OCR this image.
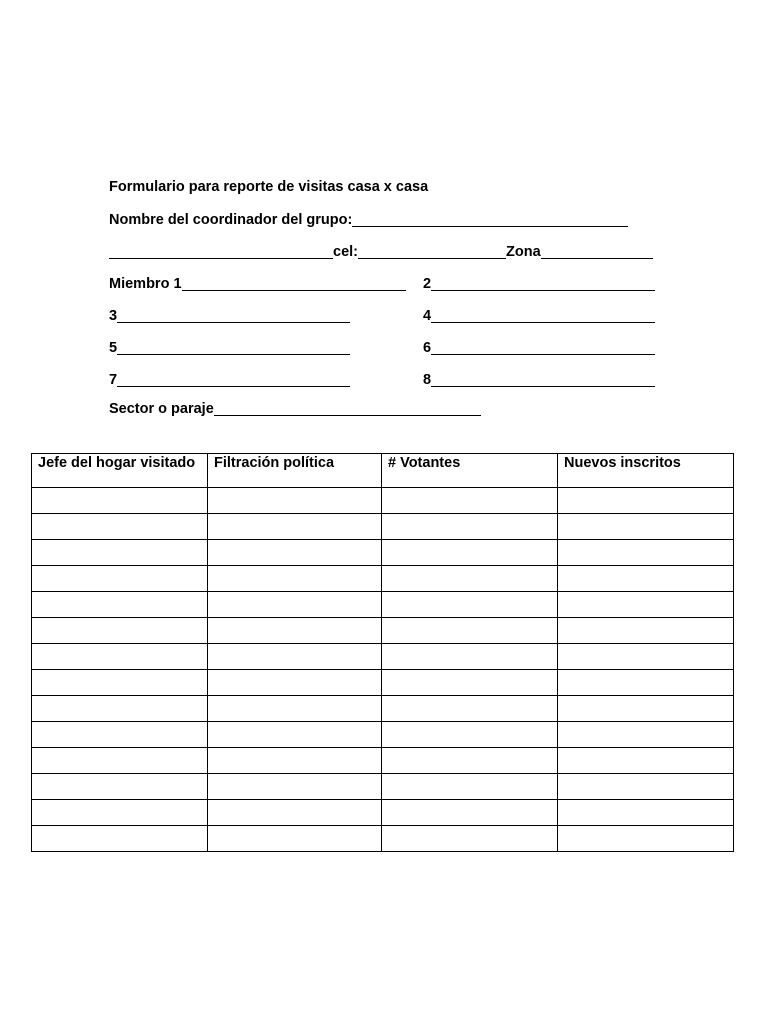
Formulario para reporte de visitas casa x casa
Nombre del coordinador del grupo:
cel:	Zona
Miembro 1	2
3	4
5	6
7	8
Sector o paraje
Jefe del hogar visitado	Filtración política	# Votantes	Nuevos inscritos
